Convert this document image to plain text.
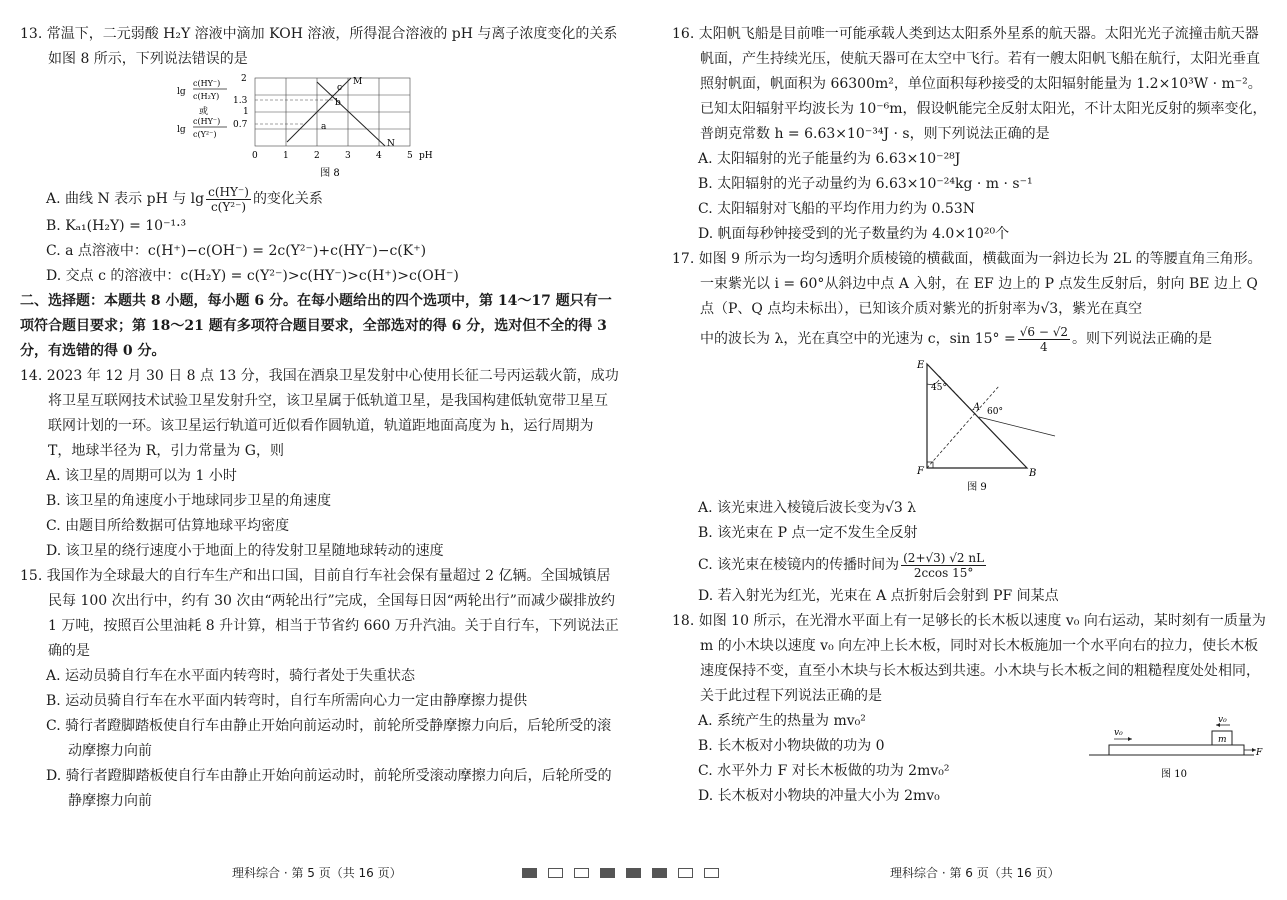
13. 常温下，二元弱酸 H₂Y 溶液中滴加 KOH 溶液，所得混合溶液的 pH 与离子浓度变化的关系如图 8 所示，下列说法错误的是

lg
c(HY⁻)
c(H₂Y)
或
lg
c(HY⁻)
c(Y²⁻)
2
1.3
1
0.7
0	1	2	3	4	5 pH
a
b
c
M
N
图 8

A. 曲线 N 表示 pH 与 $\lg \frac{c(HY^-)}{\text{c(Y²⁻)}}$ 的变化关系

B. Kₐ₁(H₂Y) = 10⁻¹·³

C. a 点溶液中：c(H⁺)−c(OH⁻) = 2c(Y²⁻)+c(HY⁻)−c(K⁺)

D. 交点 c 的溶液中：c(H₂Y) = c(Y²⁻)>c(HY⁻)>c(H⁺)>c(OH⁻)

二、选择题：本题共 8 小题，每小题 6 分。在每小题给出的四个选项中，第 14～17 题只有一项符合题目要求；第 18～21 题有多项符合题目要求，全部选对的得 6 分，选对但不全的得 3 分，有选错的得 0 分。

14. 2023 年 12 月 30 日 8 点 13 分，我国在酒泉卫星发射中心使用长征二号丙运载火箭，成功将卫星互联网技术试验卫星发射升空，该卫星属于低轨道卫星，是我国构建低轨宽带卫星互联网计划的一环。该卫星运行轨道可近似看作圆轨道，轨道距地面高度为 h，运行周期为 T，地球半径为 R，引力常量为 G，则

A. 该卫星的周期可以为 1 小时

B. 该卫星的角速度小于地球同步卫星的角速度

C. 由题目所给数据可估算地球平均密度

D. 该卫星的绕行速度小于地面上的待发射卫星随地球转动的速度

15. 我国作为全球最大的自行车生产和出口国，目前自行车社会保有量超过 2 亿辆。全国城镇居民每 100 次出行中，约有 30 次由“两轮出行”完成，全国每日因“两轮出行”而减少碳排放约 1 万吨，按照百公里油耗 8 升计算，相当于节省约 660 万升汽油。关于自行车，下列说法正确的是

A. 运动员骑自行车在水平面内转弯时，骑行者处于失重状态

B. 运动员骑自行车在水平面内转弯时，自行车所需向心力一定由静摩擦力提供

C. 骑行者蹬脚踏板使自行车由静止开始向前运动时，前轮所受静摩擦力向后，后轮所受的滚动摩擦力向前

D. 骑行者蹬脚踏板使自行车由静止开始向前运动时，前轮所受滚动摩擦力向后，后轮所受的静摩擦力向前

16. 太阳帆飞船是目前唯一可能承载人类到达太阳系外星系的航天器。太阳光光子流撞击航天器帆面，产生持续光压，使航天器可在太空中飞行。若有一艘太阳帆飞船在航行，太阳光垂直照射帆面，帆面积为 66300m²，单位面积每秒接受的太阳辐射能量为 1.2×10³W · m⁻²。已知太阳辐射平均波长为 10⁻⁶m，假设帆能完全反射太阳光，不计太阳光反射的频率变化，普朗克常数 h = 6.63×10⁻³⁴J · s，则下列说法正确的是

A. 太阳辐射的光子能量约为 6.63×10⁻²⁸J

B. 太阳辐射的光子动量约为 6.63×10⁻²⁴kg · m · s⁻¹

C. 太阳辐射对飞船的平均作用力约为 0.53N

D. 帆面每秒钟接受到的光子数量约为 4.0×10²⁰个

17. 如图 9 所示为一均匀透明介质棱镜的横截面，横截面为一斜边长为 2L 的等腰直角三角形。一束紫光以 i = 60°从斜边中点 A 入射，在 EF 边上的 P 点发生反射后，射向 BE 边上 Q 点（P、Q 点均未标出），已知该介质对紫光的折射率为√3，紫光在真空

中的波长为 λ，光在真空中的光速为 c，$\sin 15^\circ = \frac{√6 - √2}{4}$ 。则下列说法正确的是

E
F	B
A
45°
60°
图 9

A. 该光束进入棱镜后波长变为√3 λ

B. 该光束在 P 点一定不发生全反射

C. 该光束在棱镜内的传播时间为 $\frac{(2+√3) √2 nL}{2ccos 15^\circ}$

D. 若入射光为红光，光束在 A 点折射后会射到 PF 间某点

18. 如图 10 所示，在光滑水平面上有一足够长的长木板以速度 v₀ 向右运动，某时刻有一质量为 m 的小木块以速度 v₀ 向左冲上长木板，同时对长木板施加一个水平向右的拉力，使长木板速度保持不变，直至小木块与长木板达到共速。小木块与长木板之间的粗糙程度处处相同，关于此过程下列说法正确的是

A. 系统产生的热量为 mv₀²

B. 长木板对小物块做的功为 0

C. 水平外力 F 对长木板做的功为 2mv₀²

D. 长木板对小物块的冲量大小为 2mv₀

v₀
v₀
m
F
图 10
理科综合 · 第 5 页（共 16 页）	理科综合 · 第 6 页（共 16 页）
